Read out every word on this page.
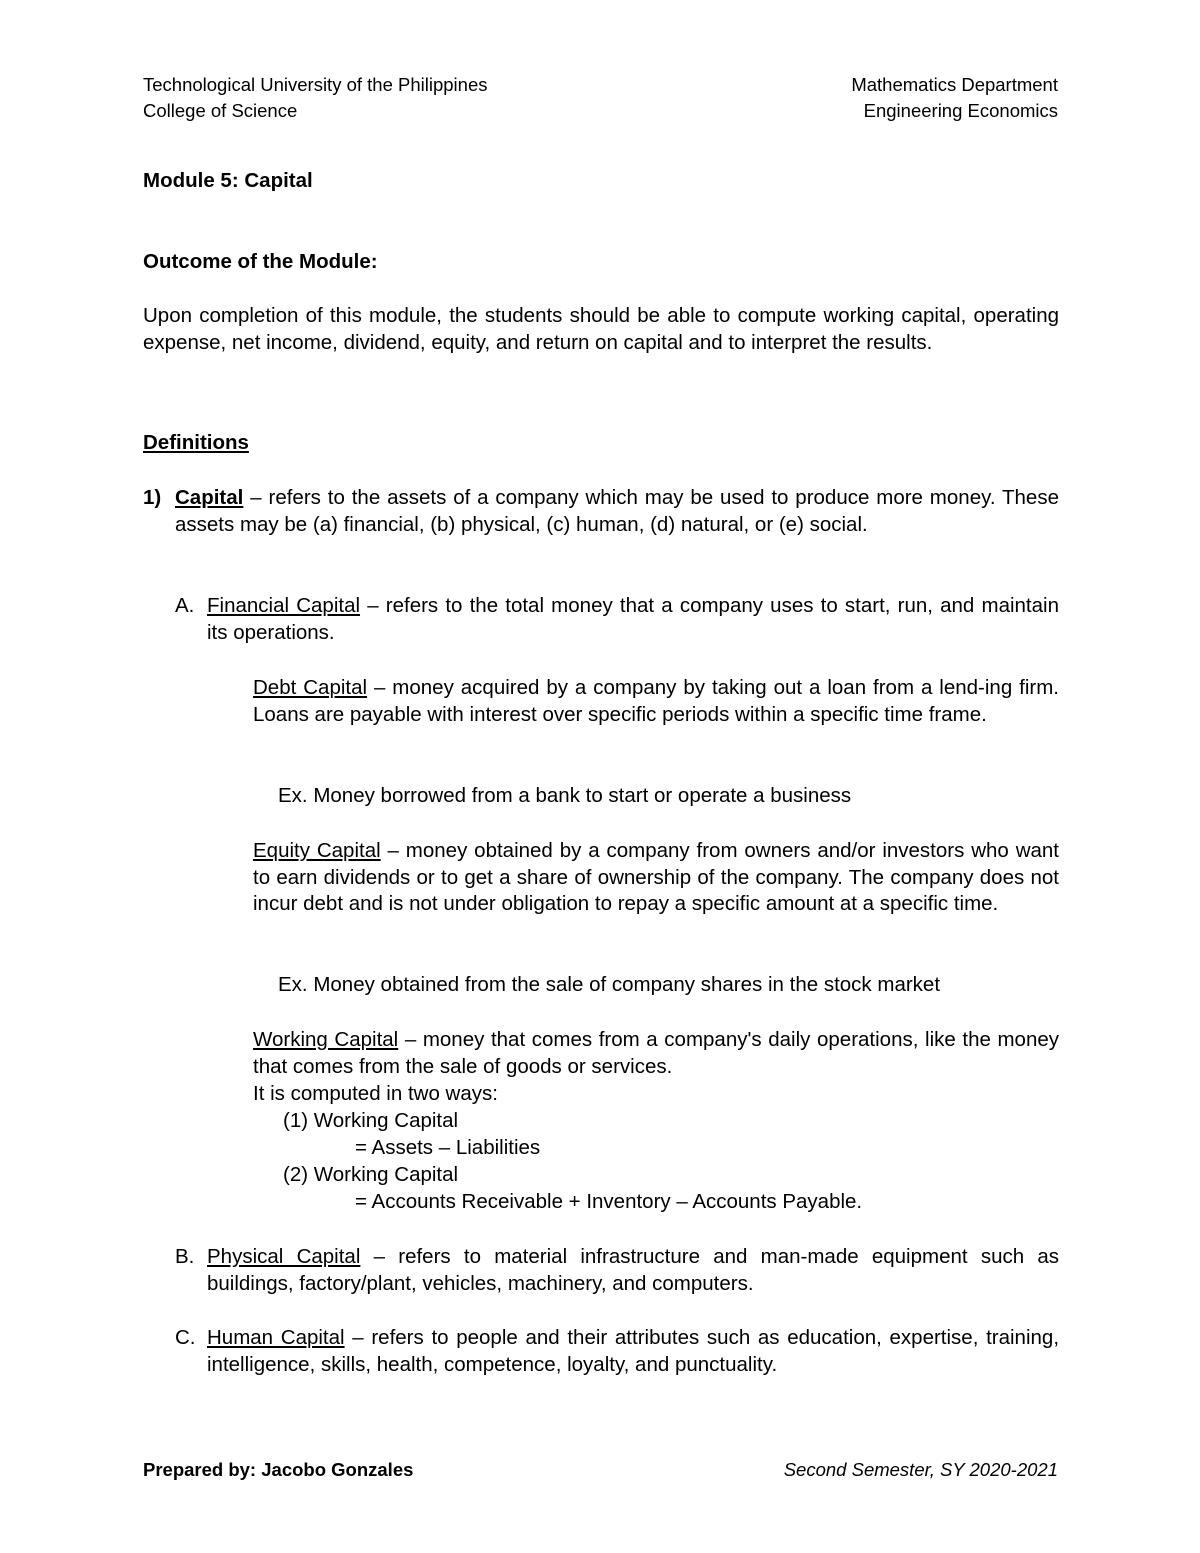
Technological University of the Philippines
College of Science
Mathematics Department
Engineering Economics
Module 5: Capital
Outcome of the Module:
Upon completion of this module, the students should be able to compute working capital, operating expense, net income, dividend, equity, and return on capital and to interpret the results.
Definitions
1) Capital – refers to the assets of a company which may be used to produce more money. These assets may be (a) financial, (b) physical, (c) human, (d) natural, or (e) social.
A. Financial Capital – refers to the total money that a company uses to start, run, and maintain its operations.
Debt Capital – money acquired by a company by taking out a loan from a lend-ing firm. Loans are payable with interest over specific periods within a specific time frame.
Ex. Money borrowed from a bank to start or operate a business
Equity Capital – money obtained by a company from owners and/or investors who want to earn dividends or to get a share of ownership of the company. The company does not incur debt and is not under obligation to repay a specific amount at a specific time.
Ex. Money obtained from the sale of company shares in the stock market
Working Capital – money that comes from a company's daily operations, like the money that comes from the sale of goods or services.
It is computed in two ways:
(1) Working Capital
= Assets – Liabilities
(2) Working Capital
= Accounts Receivable + Inventory – Accounts Payable.
B. Physical Capital – refers to material infrastructure and man-made equipment such as buildings, factory/plant, vehicles, machinery, and computers.
C. Human Capital – refers to people and their attributes such as education, expertise, training, intelligence, skills, health, competence, loyalty, and punctuality.
Prepared by: Jacobo Gonzales	Second Semester, SY 2020-2021
